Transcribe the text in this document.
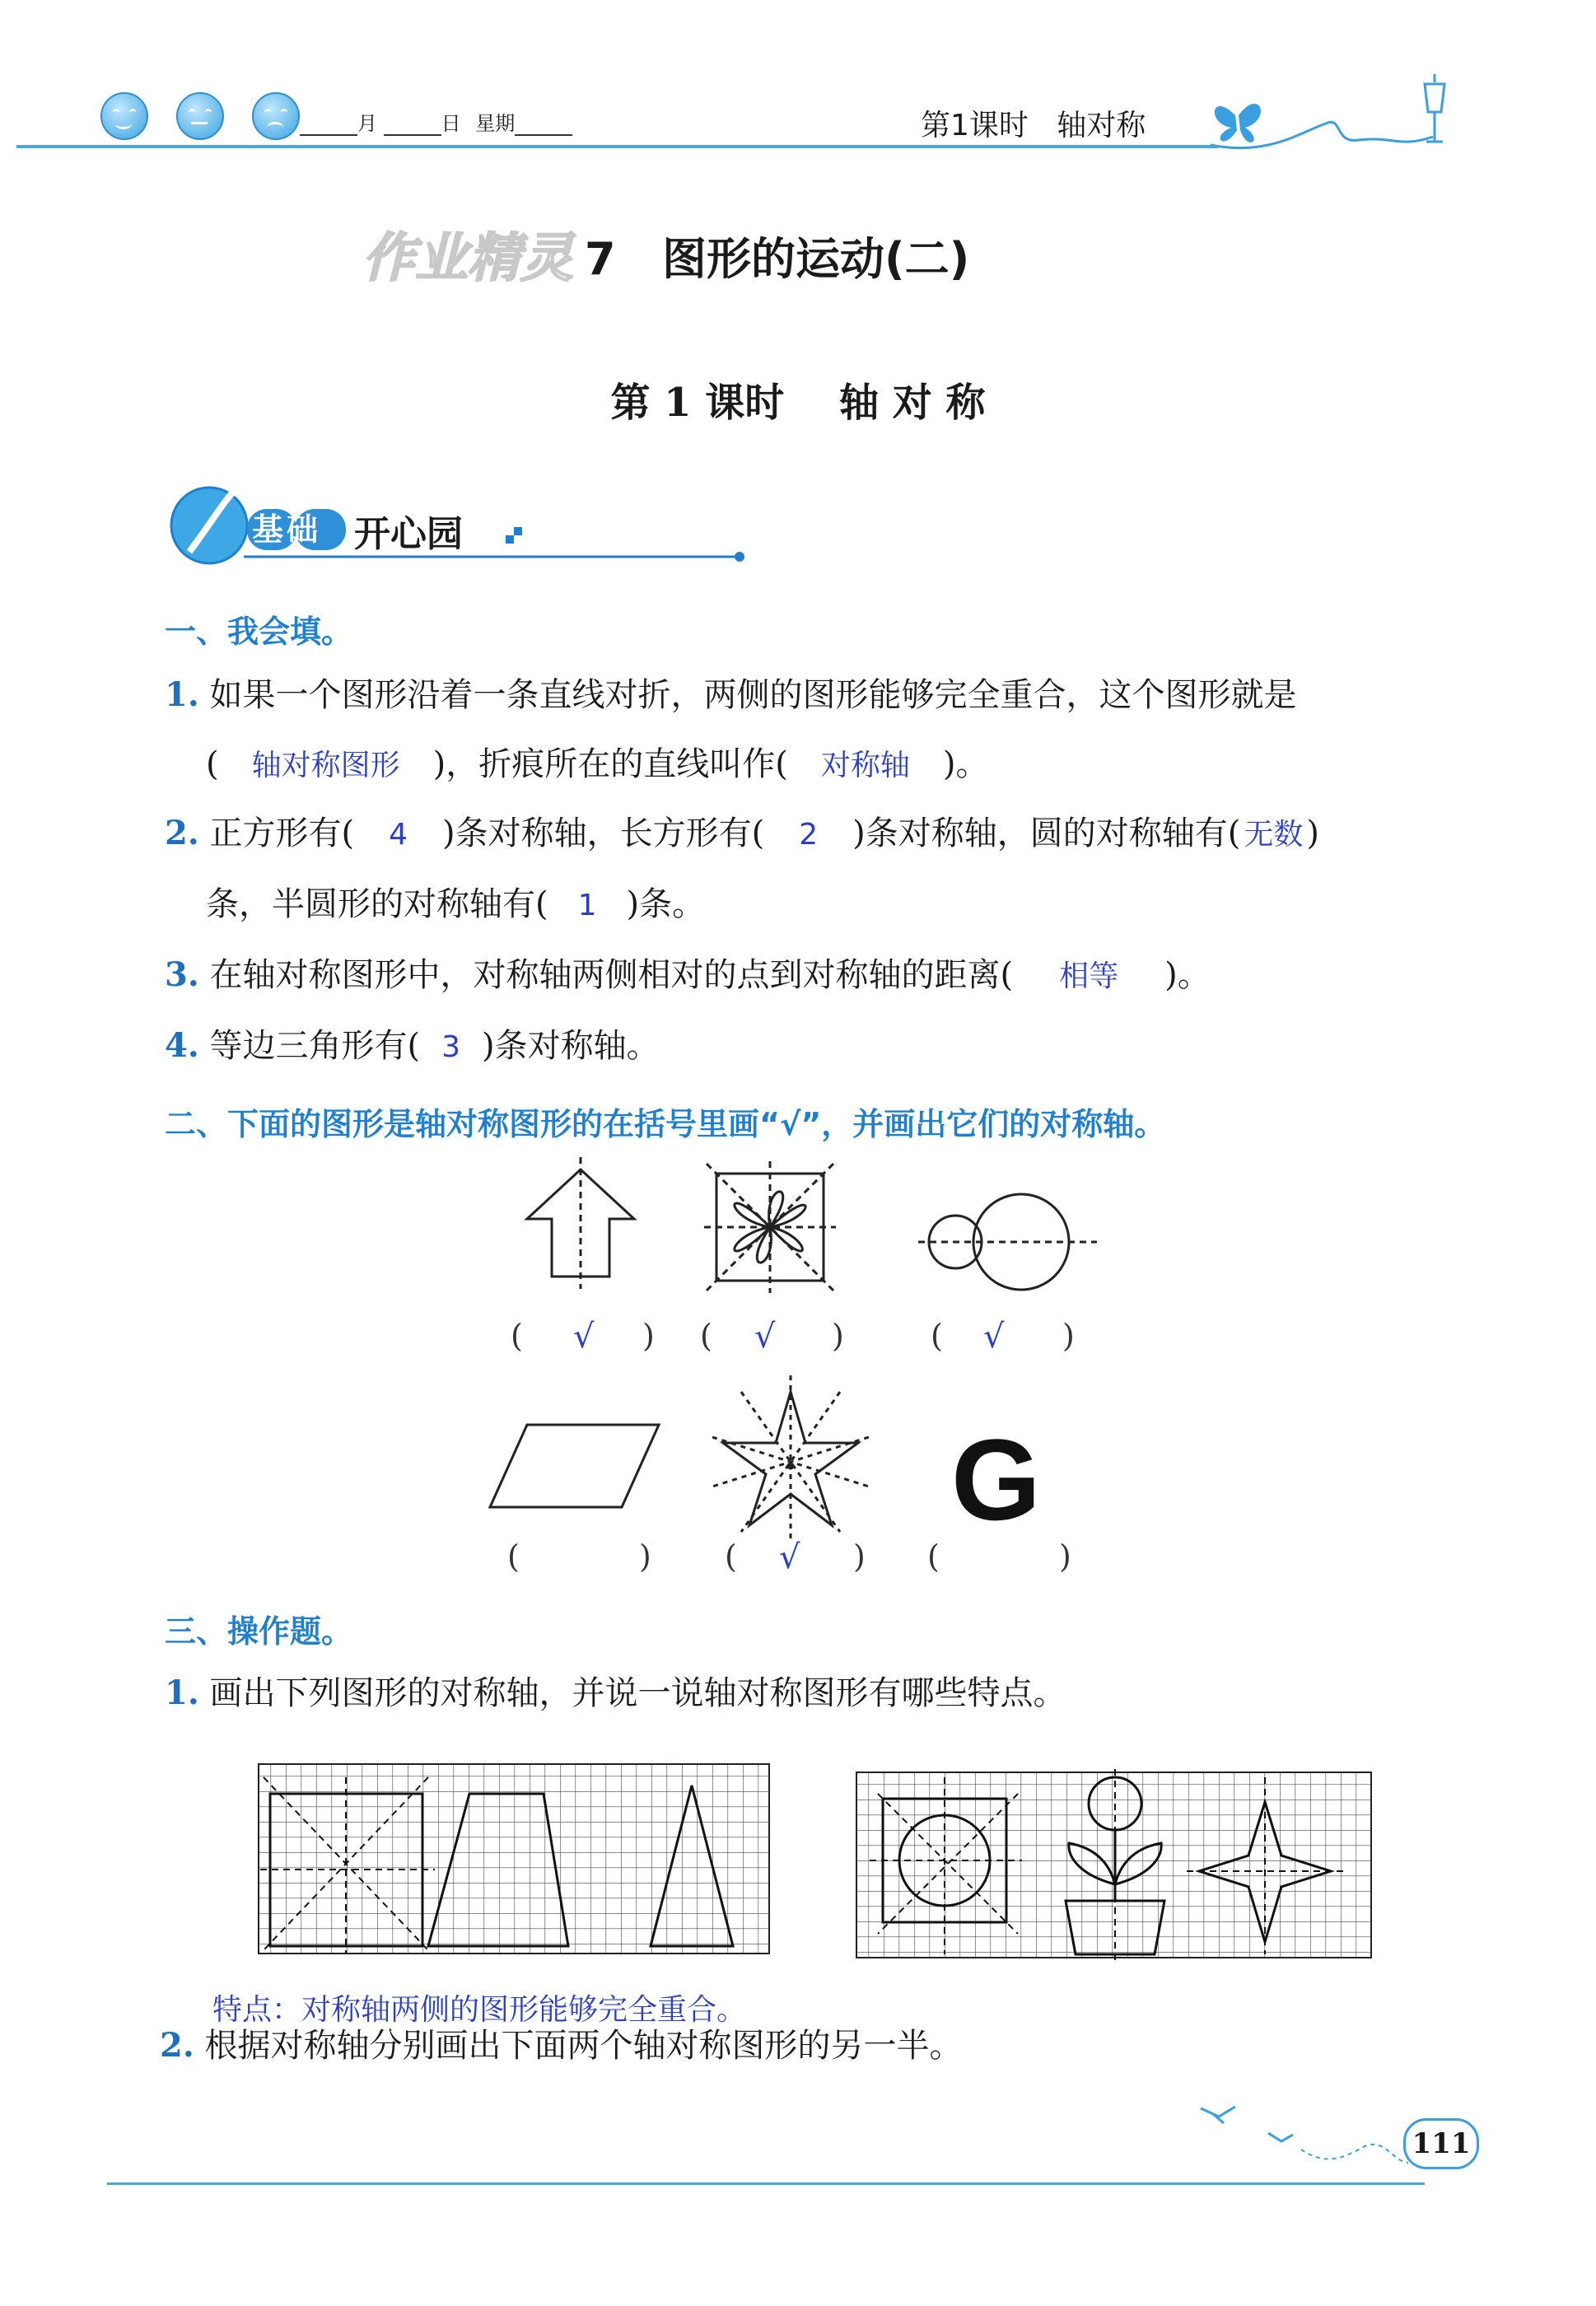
月	日 星期	第1课时   轴对称
作业精灵 7   图形的运动(二)
第 1 课时    轴 对 称
基础 开心园
一、我会填。
1. 如果一个图形沿着一条直线对折，两侧的图形能够完全重合，这个图形就是
( 轴对称图形 )，折痕所在的直线叫作( 对称轴 )。
2. 正方形有( 4 )条对称轴，长方形有( 2 )条对称轴，圆的对称轴有( 无数 )
条，半圆形的对称轴有( 1 )条。
3. 在轴对称图形中，对称轴两侧相对的点到对称轴的距离( 相等 )。
4. 等边三角形有( 3 )条对称轴。
二、下面的图形是轴对称图形的在括号里画“√”，并画出它们的对称轴。
G
( √ ) ( √ )	( √ )
(	) ( √ ) (	)
三、操作题。
1. 画出下列图形的对称轴，并说一说轴对称图形有哪些特点。
特点：对称轴两侧的图形能够完全重合。
2. 根据对称轴分别画出下面两个轴对称图形的另一半。
111
